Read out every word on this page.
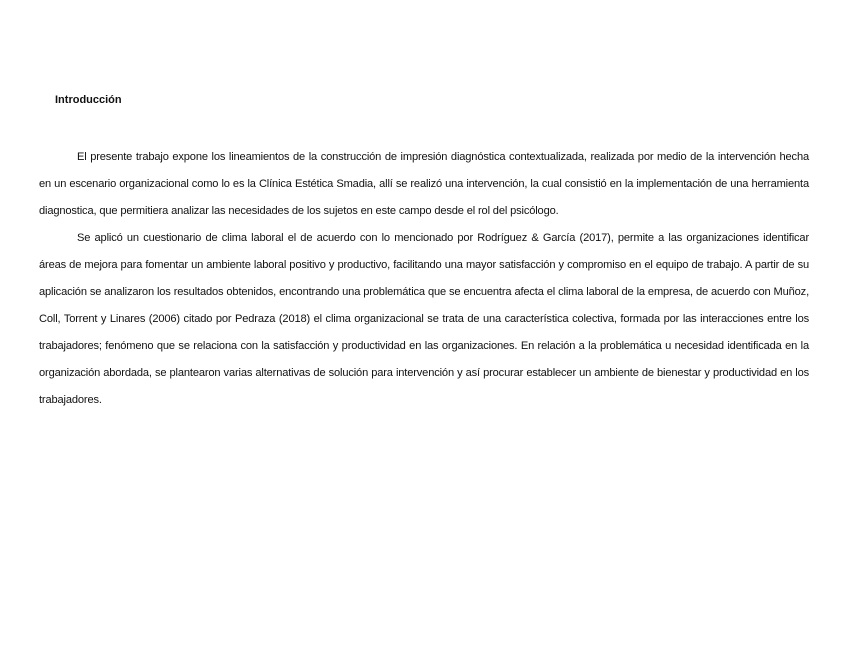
Introducción

El presente trabajo expone los lineamientos de la construcción de impresión diagnóstica contextualizada, realizada por medio de la intervención hecha en un escenario organizacional como lo es la Clínica Estética Smadia, allí se realizó una intervención, la cual consistió en la implementación de una herramienta diagnostica, que permitiera analizar las necesidades de los sujetos en este campo desde el rol del psicólogo.

Se aplicó un cuestionario de clima laboral el de acuerdo con lo mencionado por Rodríguez & García (2017), permite a las organizaciones identificar áreas de mejora para fomentar un ambiente laboral positivo y productivo, facilitando una mayor satisfacción y compromiso en el equipo de trabajo. A partir de su aplicación se analizaron los resultados obtenidos, encontrando una problemática que se encuentra afecta el clima laboral de la empresa, de acuerdo con Muñoz, Coll, Torrent y Linares (2006) citado por Pedraza (2018) el clima organizacional se trata de una característica colectiva, formada por las interacciones entre los trabajadores; fenómeno que se relaciona con la satisfacción y productividad en las organizaciones. En relación a la problemática u necesidad identificada en la organización abordada, se plantearon varias alternativas de solución para intervención y así procurar establecer un ambiente de bienestar y productividad en los trabajadores.
